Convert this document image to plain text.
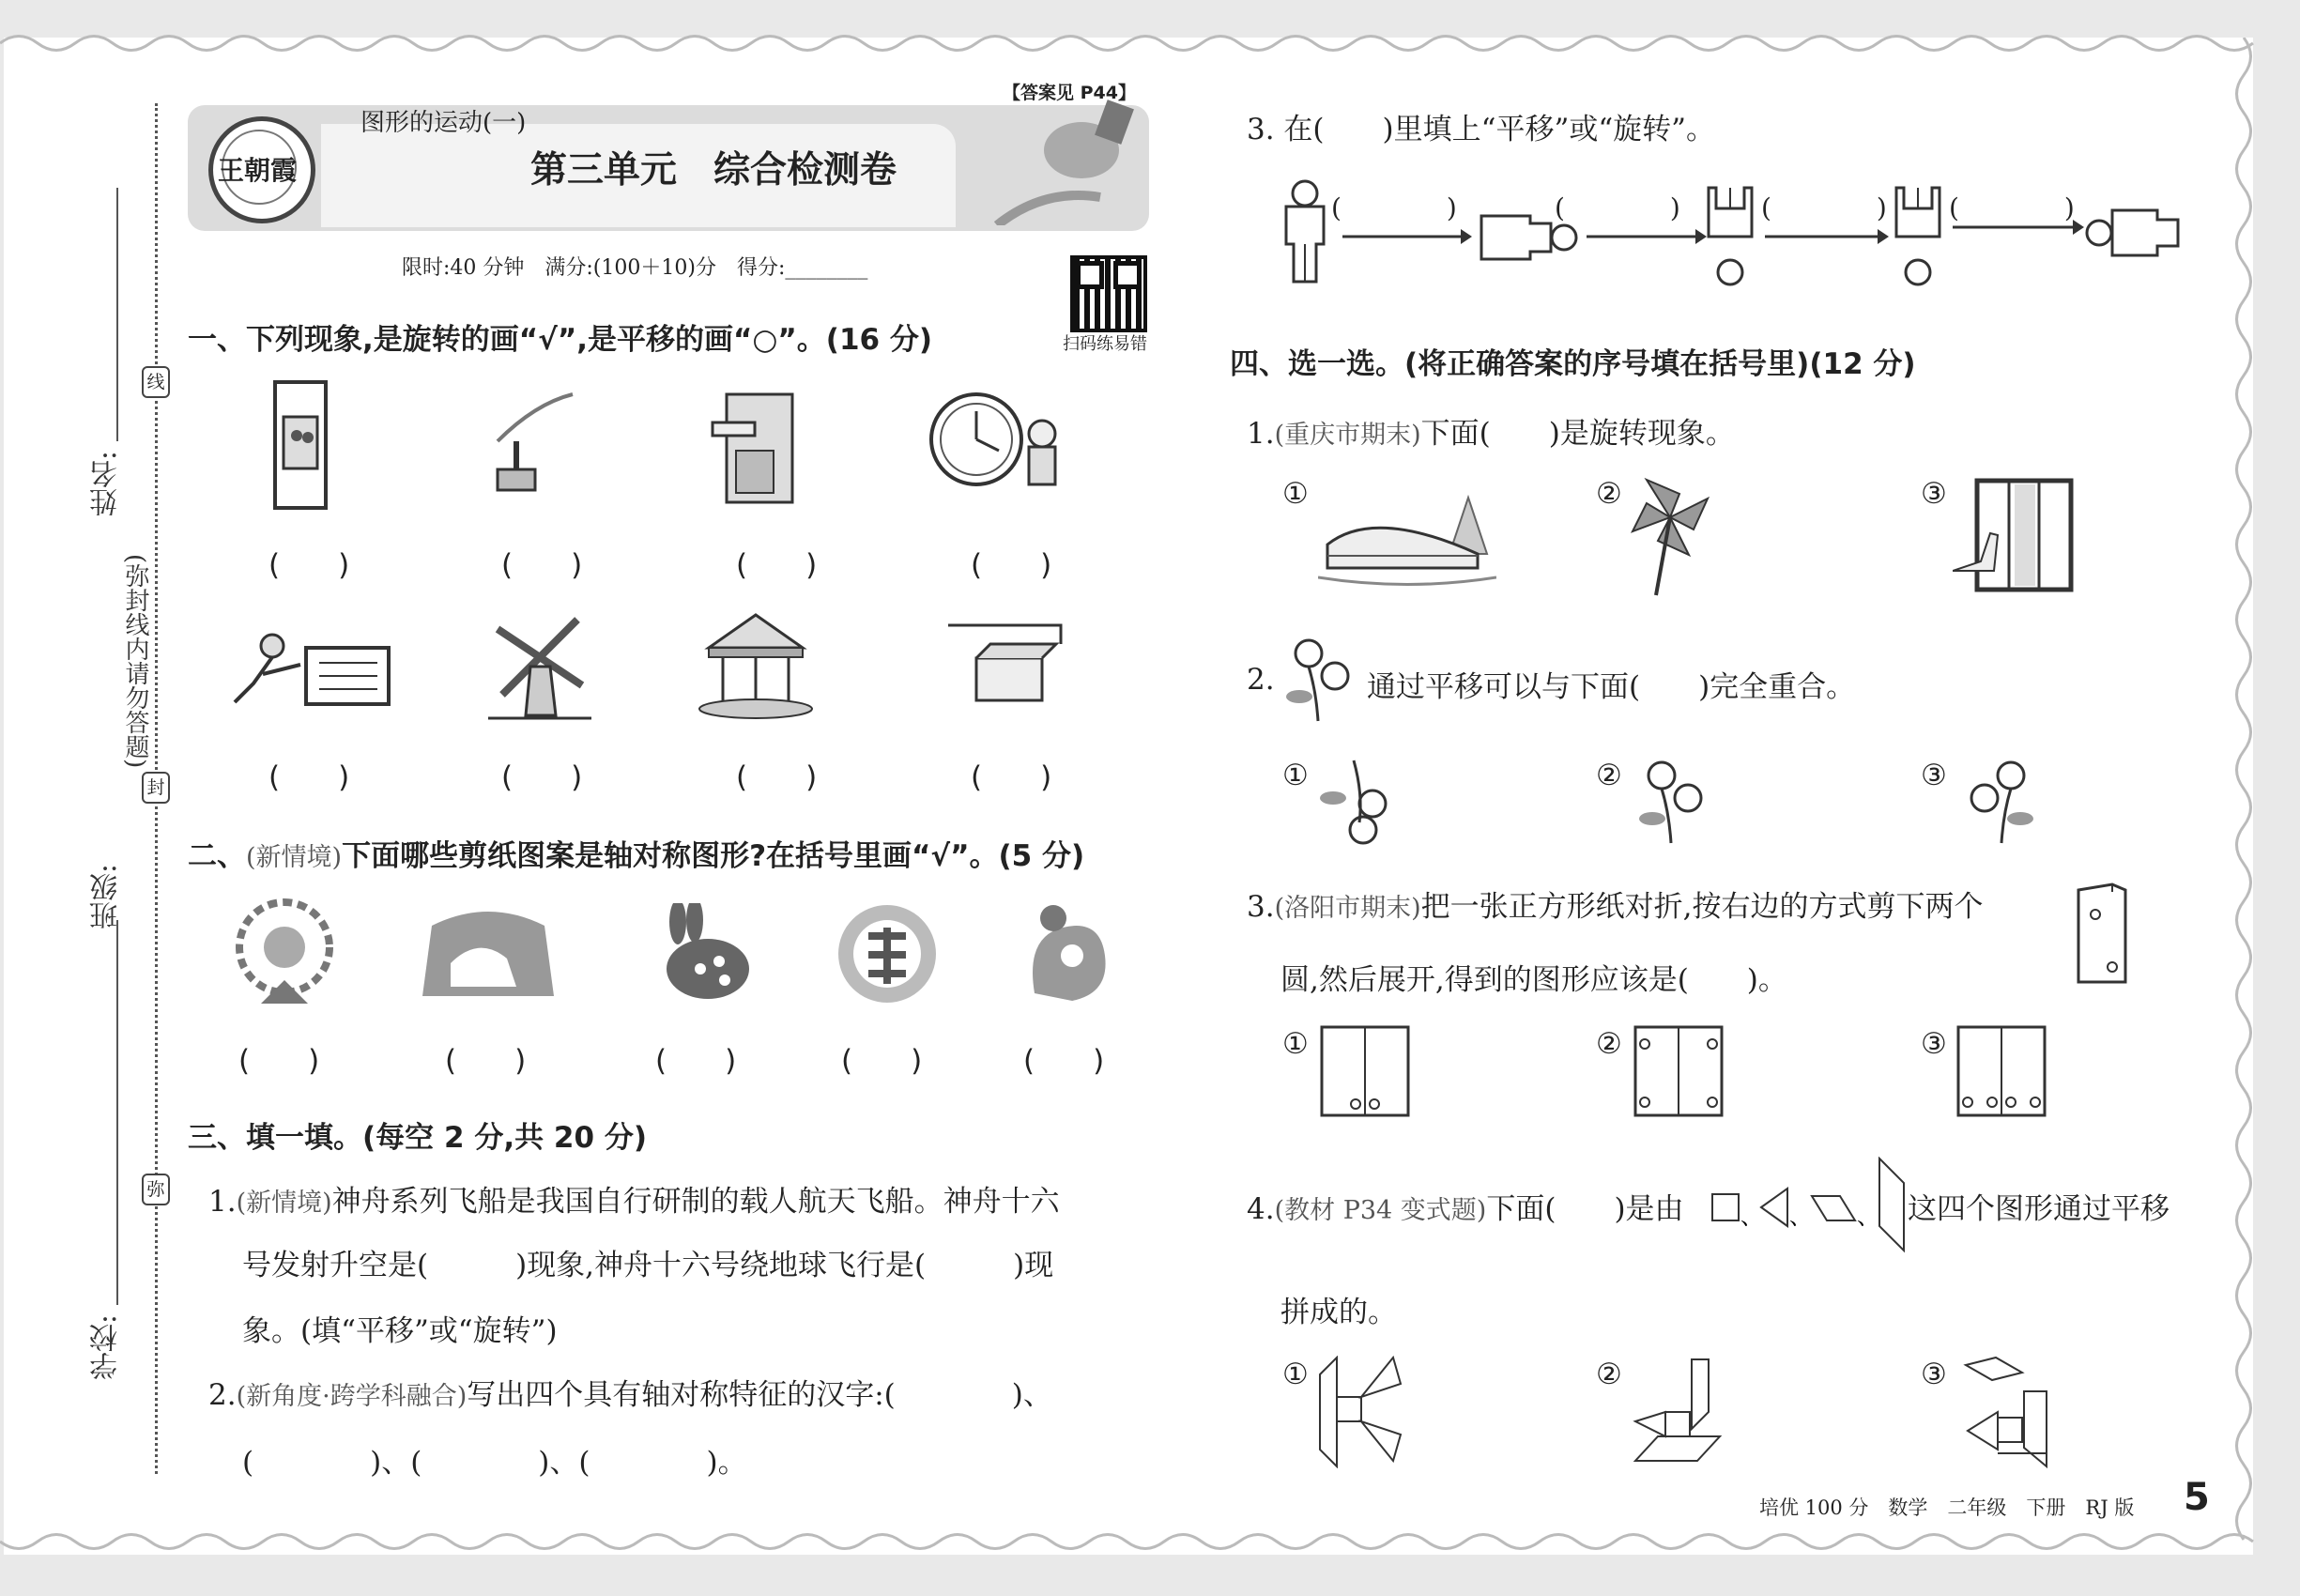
线
封
弥
姓名:
(弥封线内请勿答题)
班级:
学校:
王朝霞
图形的运动(一)
【答案见 P44】
第三单元　综合检测卷
限时:40 分钟　满分:(100＋10)分　得分:________
扫码练易错
一、下列现象,是旋转的画“√”,是平移的画“○”。(16 分)
(　　)	(　　)	(　　)	(　　)
(　　)	(　　)	(　　)	(　　)
二、(新情境)下面哪些剪纸图案是轴对称图形?在括号里画“√”。(5 分)
(　　)	(　　)	(　　)	(　　)	(　　)
三、填一填。(每空 2 分,共 20 分)
1.(新情境)神舟系列飞船是我国自行研制的载人航天飞船。神舟十六
号发射升空是(　　　)现象,神舟十六号绕地球飞行是(　　　)现
象。(填“平移”或“旋转”)
2.(新角度·跨学科融合)写出四个具有轴对称特征的汉字:(　　　　)、
(　　　　)、(　　　　)、(　　　　)。
3. 在(　　)里填上“平移”或“旋转”。
(　　　　)	(　　　　)	(　　　　) (　　　　)
四、选一选。(将正确答案的序号填在括号里)(12 分)
1.(重庆市期末)下面(　　)是旋转现象。
①	②	③
2.	通过平移可以与下面(　　)完全重合。
①	②	③
3.(洛阳市期末)把一张正方形纸对折,按右边的方式剪下两个
圆,然后展开,得到的图形应该是(　　)。
①	②	③
4.(教材 P34 变式题)下面(　　)是由	、 、 、 这四个图形通过平移
拼成的。
①	②	③
培优 100 分　数学　二年级　下册　RJ 版 5
